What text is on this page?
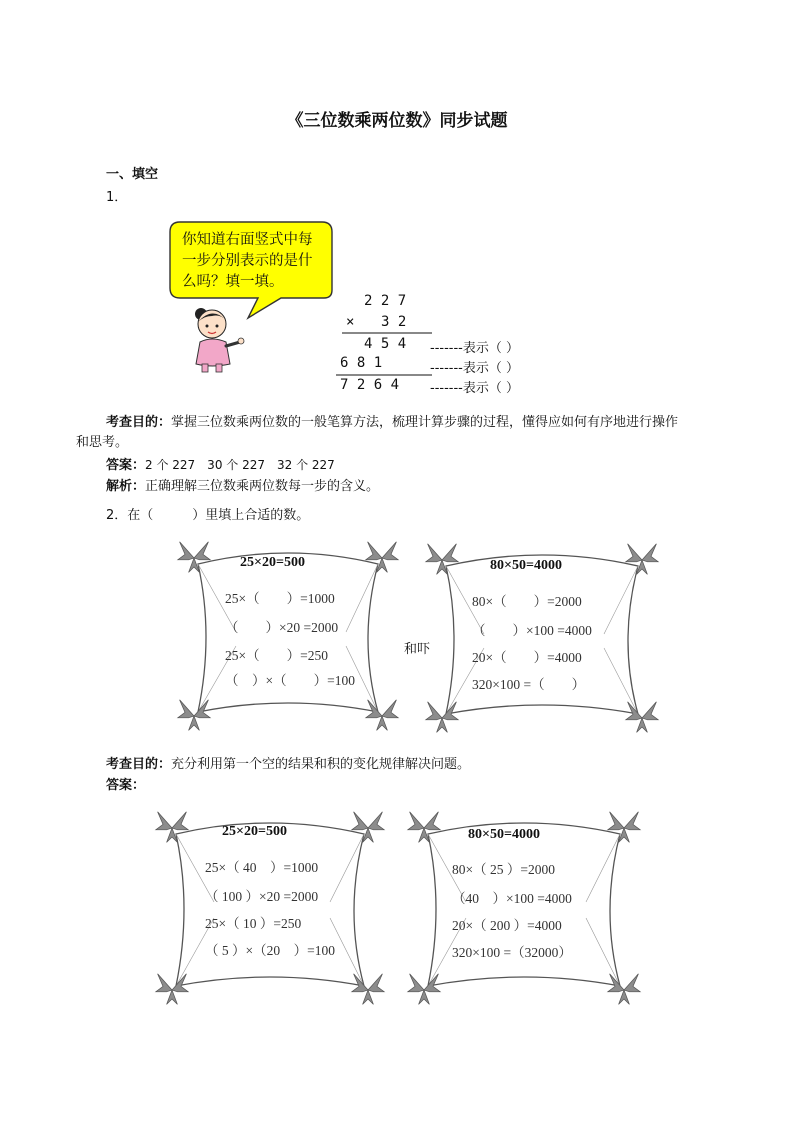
《三位数乘两位数》同步试题
一、填空
1．
你知道右面竖式中每
一步分别表示的是什
么吗？填一填。
2 2 7
× 3 2
4 5 4
6 8 1
7 2 6 4
-------表示（ ）
-------表示（ ）
-------表示（ ）
考查目的：掌握三位数乘两位数的一般笔算方法，梳理计算步骤的过程，懂得应如何有序地进行操作
和思考。
答案：2 个 227　30 个 227　32 个 227
解析：正确理解三位数乘两位数每一步的含义。
2．在（　　　）里填上合适的数。
25×20=500
25×（　　）=1000
（　　）×20 =2000
25×（　　）=250
（　）×（　　）=100
和吓
80×50=4000
80×（　　）=2000
（　　）×100 =4000
20×（　　）=4000
320×100 =（　　）
考查目的：充分利用第一个空的结果和积的变化规律解决问题。
答案：
25×20=500
25×（ 40　）=1000
（ 100 ）×20 =2000
25×（ 10 ）=250
（ 5 ）×（20　）=100
80×50=4000
80×（ 25 ）=2000
（40　）×100 =4000
20×（ 200 ）=4000
320×100 =（32000）
